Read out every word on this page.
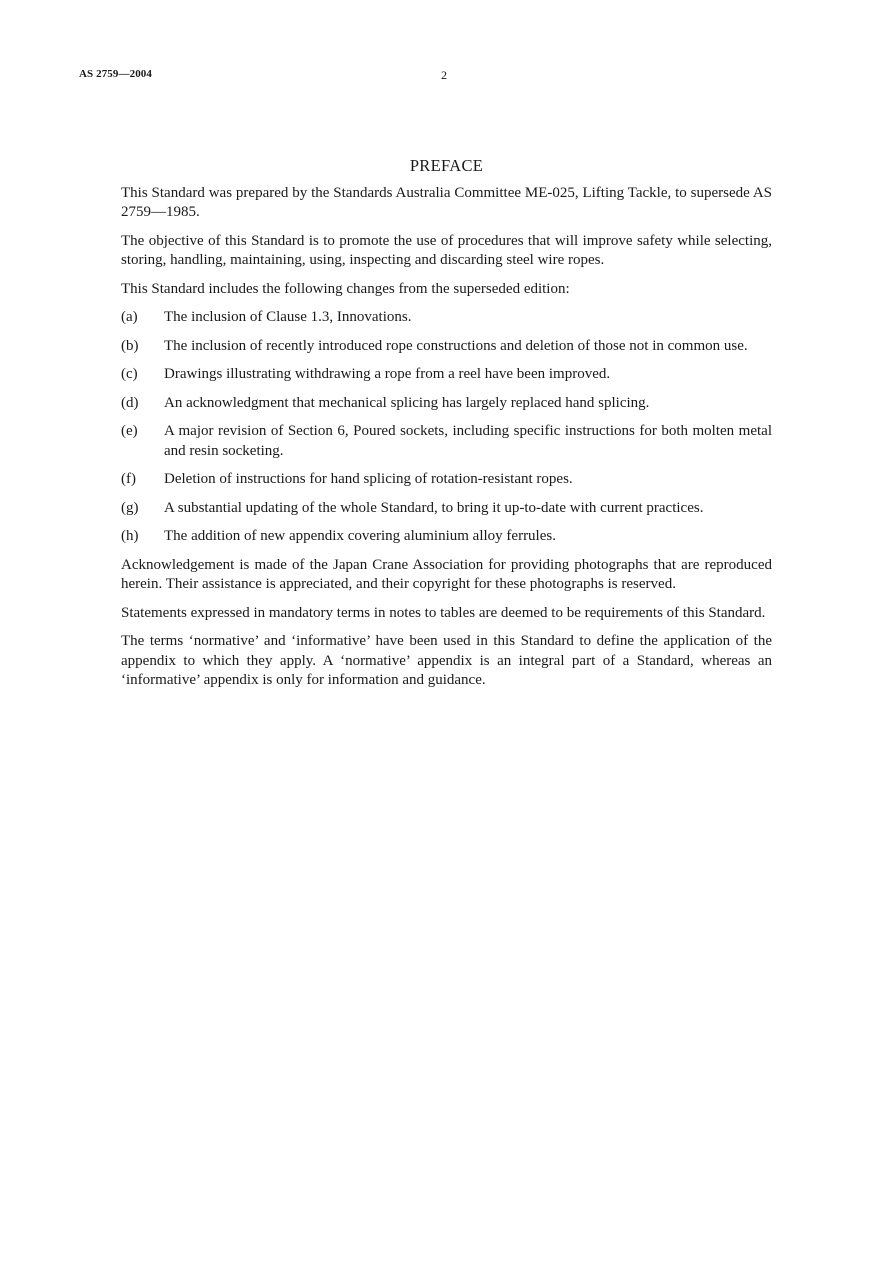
AS 2759—2004	2
PREFACE

This Standard was prepared by the Standards Australia Committee ME-025, Lifting Tackle, to supersede AS 2759—1985.

The objective of this Standard is to promote the use of procedures that will improve safety while selecting, storing, handling, maintaining, using, inspecting and discarding steel wire ropes.

This Standard includes the following changes from the superseded edition:

(a)	The inclusion of Clause 1.3, Innovations.
(b)	The inclusion of recently introduced rope constructions and deletion of those not in common use.
(c)	Drawings illustrating withdrawing a rope from a reel have been improved.
(d)	An acknowledgment that mechanical splicing has largely replaced hand splicing.
(e)	A major revision of Section 6, Poured sockets, including specific instructions for both molten metal and resin socketing.
(f)	Deletion of instructions for hand splicing of rotation-resistant ropes.
(g)	A substantial updating of the whole Standard, to bring it up-to-date with current practices.
(h)	The addition of new appendix covering aluminium alloy ferrules.

Acknowledgement is made of the Japan Crane Association for providing photographs that are reproduced herein. Their assistance is appreciated, and their copyright for these photographs is reserved.

Statements expressed in mandatory terms in notes to tables are deemed to be requirements of this Standard.

The terms ‘normative’ and ‘informative’ have been used in this Standard to define the application of the appendix to which they apply. A ‘normative’ appendix is an integral part of a Standard, whereas an ‘informative’ appendix is only for information and guidance.
